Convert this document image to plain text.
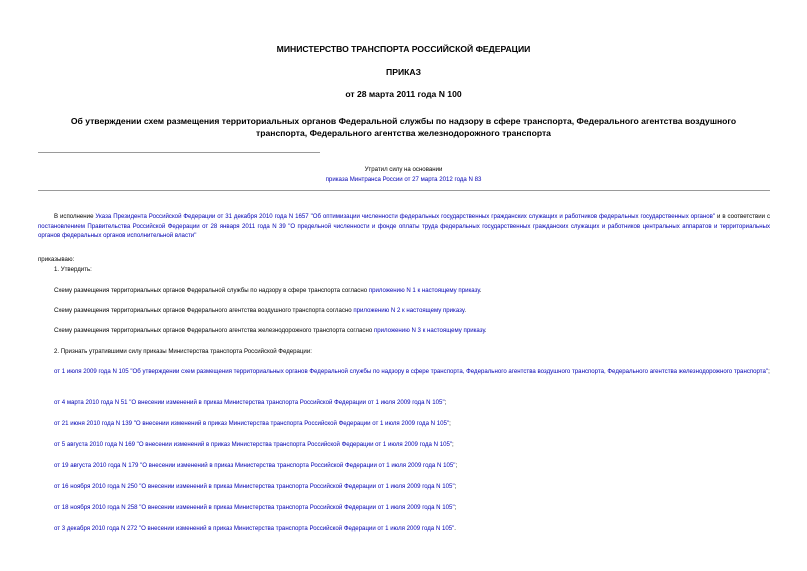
МИНИСТЕРСТВО ТРАНСПОРТА РОССИЙСКОЙ ФЕДЕРАЦИИ
ПРИКАЗ
от 28 марта 2011 года N 100
Об утверждении схем размещения территориальных органов Федеральной службы по надзору в сфере транспорта, Федерального агентства воздушного
транспорта, Федерального агентства железнодорожного транспорта
Утратил силу на основании
приказа Минтранса России от 27 марта 2012 года N 83
В исполнение Указа Президента Российской Федерации от 31 декабря 2010 года N 1657 "Об оптимизации численности федеральных государственных гражданских служащих и работников федеральных государственных органов" и в соответствии с постановлением Правительства Российской Федерации от 28 января 2011 года N 39 "О предельной численности и фонде оплаты труда федеральных государственных гражданских служащих и работников центральных аппаратов и территориальных органов федеральных органов исполнительной власти"
приказываю:
1. Утвердить:
Схему размещения территориальных органов Федеральной службы по надзору в сфере транспорта согласно приложению N 1 к настоящему приказу.
Схему размещения территориальных органов Федерального агентства воздушного транспорта согласно приложению N 2 к настоящему приказу.
Схему размещения территориальных органов Федерального агентства железнодорожного транспорта согласно приложению N 3 к настоящему приказу.
2. Признать утратившими силу приказы Министерства транспорта Российской Федерации:
от 1 июля 2009 года N 105 "Об утверждении схем размещения территориальных органов Федеральной службы по надзору в сфере транспорта, Федерального агентства воздушного транспорта, Федерального агентства железнодорожного транспорта";
от 4 марта 2010 года N 51 "О внесении изменений в приказ Министерства транспорта Российской Федерации от 1 июля 2009 года N 105";
от 21 июня 2010 года N 139 "О внесении изменений в приказ Министерства транспорта Российской Федерации от 1 июля 2009 года N 105";
от 5 августа 2010 года N 169 "О внесении изменений в приказ Министерства транспорта Российской Федерации от 1 июля 2009 года N 105";
от 19 августа 2010 года N 179 "О внесении изменений в приказ Министерства транспорта Российской Федерации от 1 июля 2009 года N 105";
от 16 ноября 2010 года N 250 "О внесении изменений в приказ Министерства транспорта Российской Федерации от 1 июля 2009 года N 105";
от 18 ноября 2010 года N 258 "О внесении изменений в приказ Министерства транспорта Российской Федерации от 1 июля 2009 года N 105";
от 3 декабря 2010 года N 272 "О внесении изменений в приказ Министерства транспорта Российской Федерации от 1 июля 2009 года N 105".
